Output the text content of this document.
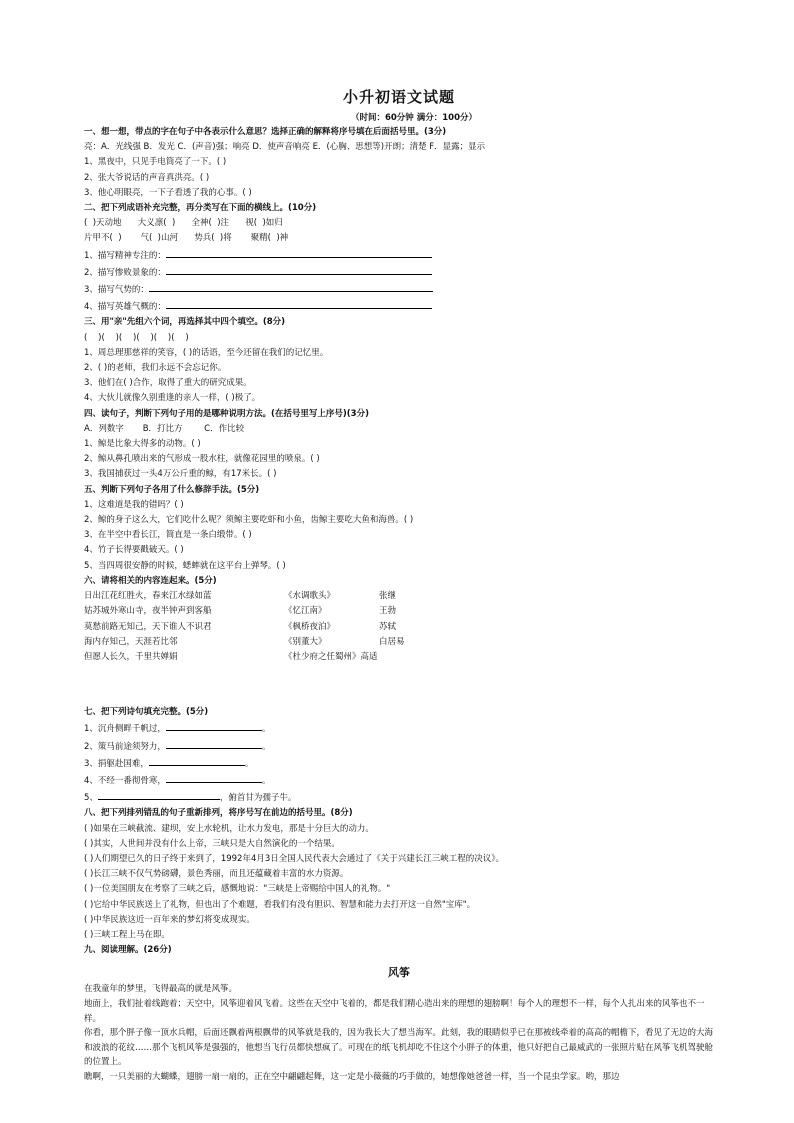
小升初语文试题
（时间：60分钟 满分：100分）
一、想一想，带点的字在句子中各表示什么意思？选择正确的解释将序号填在后面括号里。(3分)
亮：A．光线强 B．发光 C．(声音)强；响亮 D．使声音响亮 E．(心胸、思想等)开朗；清楚 F．显露；显示
1、黑夜中，只见手电筒亮了一下。( )
2、张大爷说话的声音真洪亮。( )
3、他心明眼亮，一下子看透了我的心事。( )
二、把下列成语补充完整，再分类写在下面的横线上。(10分)
(  )天动地      大义凛(  )      全神(  )注      视(  )如归
片甲不(  )       气(  )山河      势兵(  )将       聚精(  )神
1、描写精神专注的：
2、描写惨败景象的：
3、描写气势的：
4、描写英雄气概的：
三、用"亲"先组六个词，再选择其中四个填空。(8分)
(    )(    )(    )(    )(    )(    )
1、周总理那慈祥的笑容，( )的话语，至今还留在我们的记忆里。
2、( )的老师，我们永远不会忘记你。
3、他们在( )合作，取得了重大的研究成果。
4、大伙儿就像久别重逢的亲人一样，( )极了。
四、读句子，判断下列句子用的是哪种说明方法。(在括号里写上序号)(3分)
A．列数字       B．打比方        C．作比较
1、鲸是比象大得多的动物。( )
2、鲸从鼻孔喷出来的气形成一股水柱，就像花园里的喷泉。( )
3、我国捕获过一头4万公斤重的鲸，有17米长。( )
五、判断下列句子各用了什么修辞手法。(5分)
1、这难道是我的错吗？( )
2、鲸的身子这么大，它们吃什么呢？须鲸主要吃虾和小鱼，齿鲸主要吃大鱼和海兽。( )
3、在半空中看长江，简直是一条白缎带。( )
4、竹子长得要戳破天。( )
5、当四周很安静的时候，蟋蟀就在这平台上弹琴。( )
六、请将相关的内容连起来。(5分)
日出江花红胜火，春来江水绿如蓝	《水调歌头》	张继
姑苏城外寒山寺，夜半钟声到客船	《忆江南》	王勃
莫愁前路无知己，天下谁人不识君	《枫桥夜泊》	苏轼
海内存知己，天涯若比邻	《别董大》	白居易
但愿人长久，千里共婵娟	《杜少府之任蜀州》高适
七、把下列诗句填充完整。(5分)
1、沉舟侧畔千帆过，	。
2、策马前途须努力，	。
3、捐躯赴国难，	。
4、不经一番彻骨寒，	。
5、	，俯首甘为孺子牛。
八、把下列排列错乱的句子重新排列，将序号写在前边的括号里。(8分)
( )如果在三峡截流、建坝，安上水轮机，让水力发电，那是十分巨大的动力。
( )其实，人世间并没有什么上帝，三峡只是大自然演化的一个结果。
( )人们期望已久的日子终于来到了，1992年4月3日全国人民代表大会通过了《关于兴建长江三峡工程的决议》。
( )长江三峡不仅气势磅礴，景色秀丽，而且还蕴藏着丰富的水力资源。
( )一位美国朋友在考察了三峡之后，感慨地说："三峡是上帝赐给中国人的礼物。"
( )它给中华民族送上了礼物，但也出了个难题，看我们有没有胆识、智慧和能力去打开这一自然"宝库"。
( )中华民族这近一百年来的梦幻将变成现实。
( )三峡工程上马在即。
九、阅读理解。(26分)
风筝
在我童年的梦里，飞得最高的就是风筝。
地面上，我们扯着线跑着；天空中，风筝迎着风飞着。这些在天空中飞着的，都是我们精心造出来的理想的翅膀啊！每个人的理想不一样，每个人扎出来的风筝也不一样。
你看，那个胖子像一顶水兵帽，后面还飘着两根飘带的风筝就是我的，因为我长大了想当海军。此刻，我的眼睛似乎已在那被线牵着的高高的帽檐下，看见了无边的大海和波浪的花纹……那个飞机风筝是强强的，他想当飞行员都快想疯了。可现在的纸飞机却吃不住这个小胖子的体重，他只好把自己最威武的一张照片贴在风筝飞机驾驶舱的位置上。
瞧啊，一只美丽的大蝴蝶，翅膀一扇一扇的，正在空中翩翩起舞，这一定是小薇薇的巧手做的，她想像她爸爸一样，当一个昆虫学家。哟，那边
